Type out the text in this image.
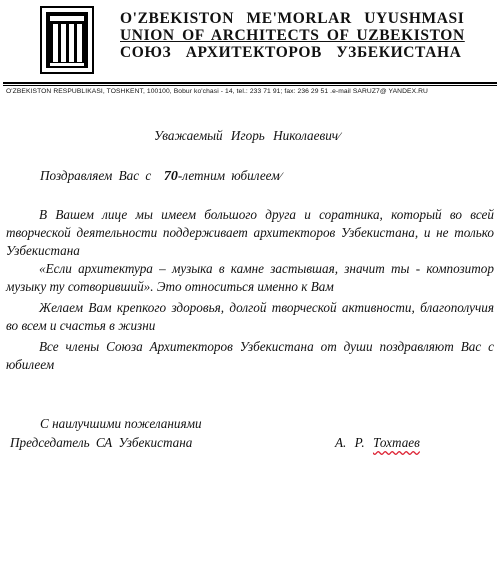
O'ZBEKISTON ME'MORLAR UYUSHMASI
UNION OF ARCHITECTS OF UZBEKISTON
СОЮЗ АРХИТЕКТОРОВ УЗБЕКИСТАНА
O'ZBEKISTON RESPUBLIKASI, TOSHKENT, 100100, Bobur ko'chasi - 14, tel.: 233 71 91; fax: 236 29 51 .e-mail SARUZ7@ YANDEX.RU
Уважаемый Игорь Николаевич⁄
Поздравляем Вас с 70-летним юбилеем⁄
В Вашем лице мы имеем большого друга и соратника, который во всей творческой деятельности поддерживает архитекторов Узбекистана, и не только Узбекистана
«Если архитектура – музыка в камне застывшая, значит ты - композитор музыку ту сотворивший». Это относиться именно к Вам
Желаем Вам крепкого здоровья, долгой творческой активности, благополучия во всем и счастья в жизни
Все члены Союза Архитекторов Узбекистана от души поздравляют Вас с юбилеем
С наилучшими пожеланиями
Председатель СА Узбекистана	А. Р. Тохтаев
